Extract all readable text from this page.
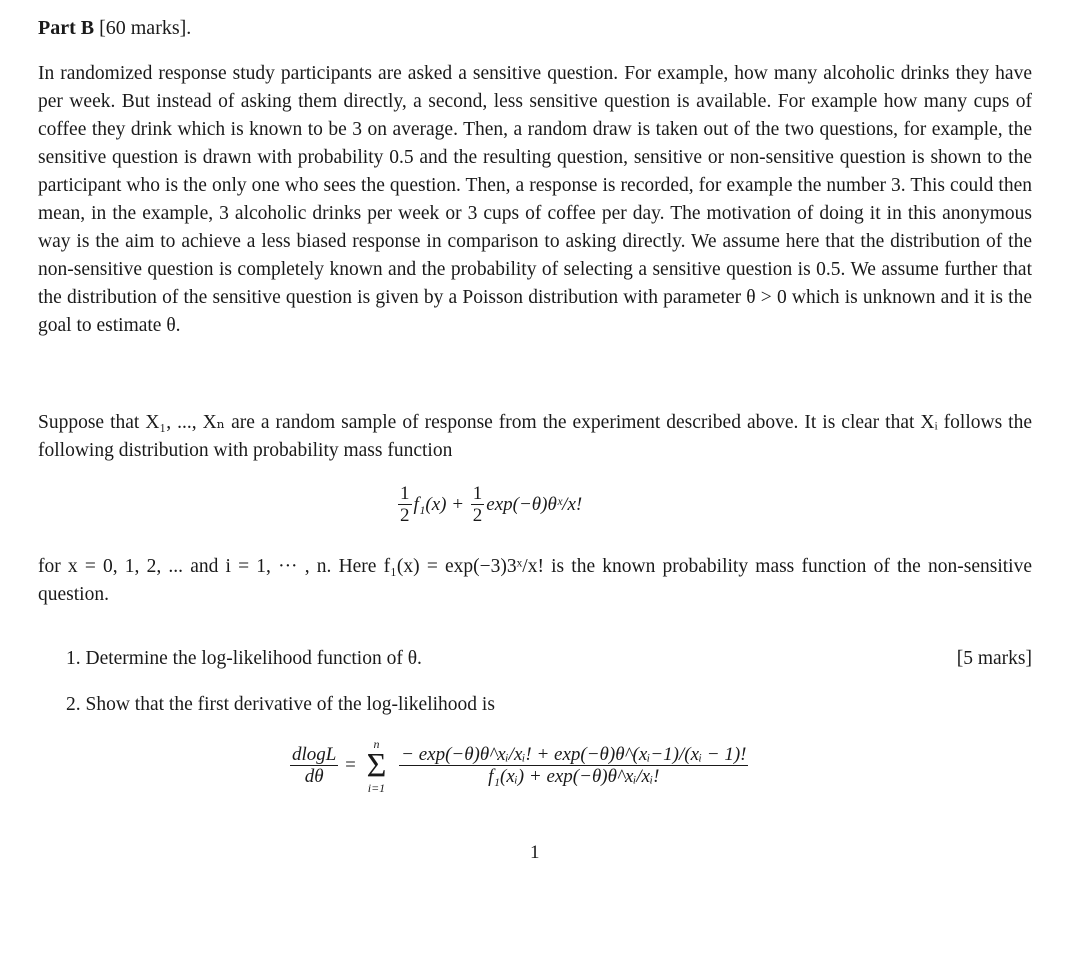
Part B [60 marks].
In randomized response study participants are asked a sensitive question. For example, how many alcoholic drinks they have per week. But instead of asking them directly, a second, less sensitive question is available. For example how many cups of coffee they drink which is known to be 3 on average. Then, a random draw is taken out of the two questions, for example, the sensitive question is drawn with probability 0.5 and the resulting question, sensitive or non-sensitive question is shown to the participant who is the only one who sees the question. Then, a response is recorded, for example the number 3. This could then mean, in the example, 3 alcoholic drinks per week or 3 cups of coffee per day. The motivation of doing it in this anonymous way is the aim to achieve a less biased response in comparison to asking directly. We assume here that the distribution of the non-sensitive question is completely known and the probability of selecting a sensitive question is 0.5. We assume further that the distribution of the sensitive question is given by a Poisson distribution with parameter θ > 0 which is unknown and it is the goal to estimate θ.
Suppose that X₁, ..., Xₙ are a random sample of response from the experiment described above. It is clear that Xᵢ follows the following distribution with probability mass function
$\frac{1}{2} f_1(x) + \frac{1}{2}$ exp(−θ)θˣ/x!
for x = 0, 1, 2, ... and i = 1, ··· , n. Here f₁(x) = exp(−3)3ˣ/x! is the known probability mass function of the non-sensitive question.
1. Determine the log-likelihood function of θ.	[5 marks]
2. Show that the first derivative of the log-likelihood is
$\frac{dlogL}{d\theta}$ =
n
Σ
i=1

$\frac{\text{− exp(−θ)θ\textasciicircum{}xᵢ/xᵢ! + exp(−θ)θ\textasciicircum{}(xᵢ−1)/(xᵢ − 1)!}}{\text{f₁(xᵢ) + exp(−θ)θ\textasciicircum{}xᵢ/xᵢ!}}$
1
